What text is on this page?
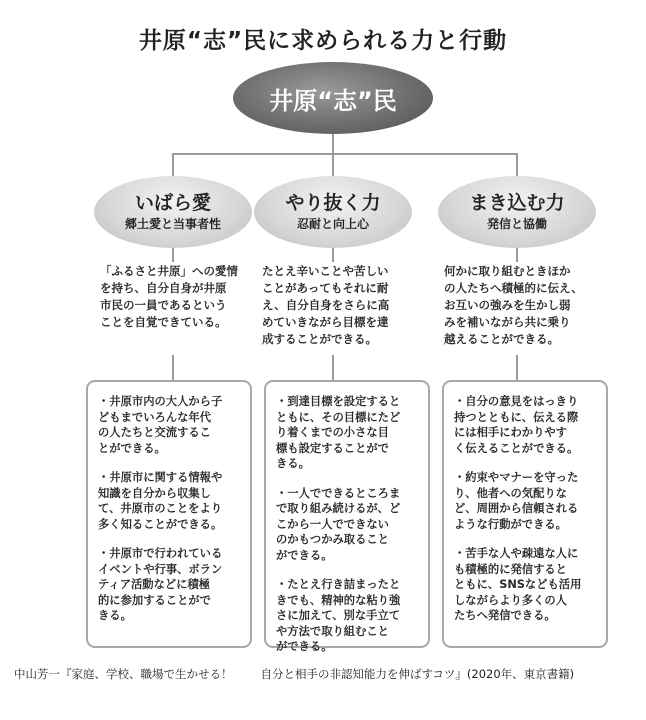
井原“志”民に求められる力と行動
井原“志”民
いばら愛
郷土愛と当事者性
「ふるさと井原」への愛情
を持ち、自分自身が井原
市民の一員であるという
ことを自覚できている。
・井原市内の大人から子
どもまでいろんな年代
の人たちと交流するこ
とができる。
・井原市に関する情報や
知識を自分から収集し
て、井原市のことをより
多く知ることができる。
・井原市で行われている
イベントや行事、ボラン
ティア活動などに積極
的に参加することがで
きる。
やり抜く力
忍耐と向上心
たとえ辛いことや苦しい
ことがあってもそれに耐
え、自分自身をさらに高
めていきながら目標を達
成することができる。
・到達目標を設定すると
ともに、その目標にたど
り着くまでの小さな目
標も設定することがで
きる。
・一人でできるところま
で取り組み続けるが、ど
こから一人でできない
のかもつかみ取ること
ができる。
・たとえ行き詰まったと
きでも、精神的な粘り強
さに加えて、別な手立て
や方法で取り組むこと
ができる。
まき込む力
発信と協働
何かに取り組むときほか
の人たちへ積極的に伝え、
お互いの強みを生かし弱
みを補いながら共に乗り
越えることができる。
・自分の意見をはっきり
持つとともに、伝える際
には相手にわかりやす
く伝えることができる。
・約束やマナーを守った
り、他者への気配りな
ど、周囲から信頼される
ような行動ができる。
・苦手な人や疎遠な人に
も積極的に発信すると
ともに、SNSなども活用
しながらより多くの人
たちへ発信できる。
中山芳一『家庭、学校、職場で生かせる！ 自分と相手の非認知能力を伸ばすコツ』(2020年、東京書籍)
